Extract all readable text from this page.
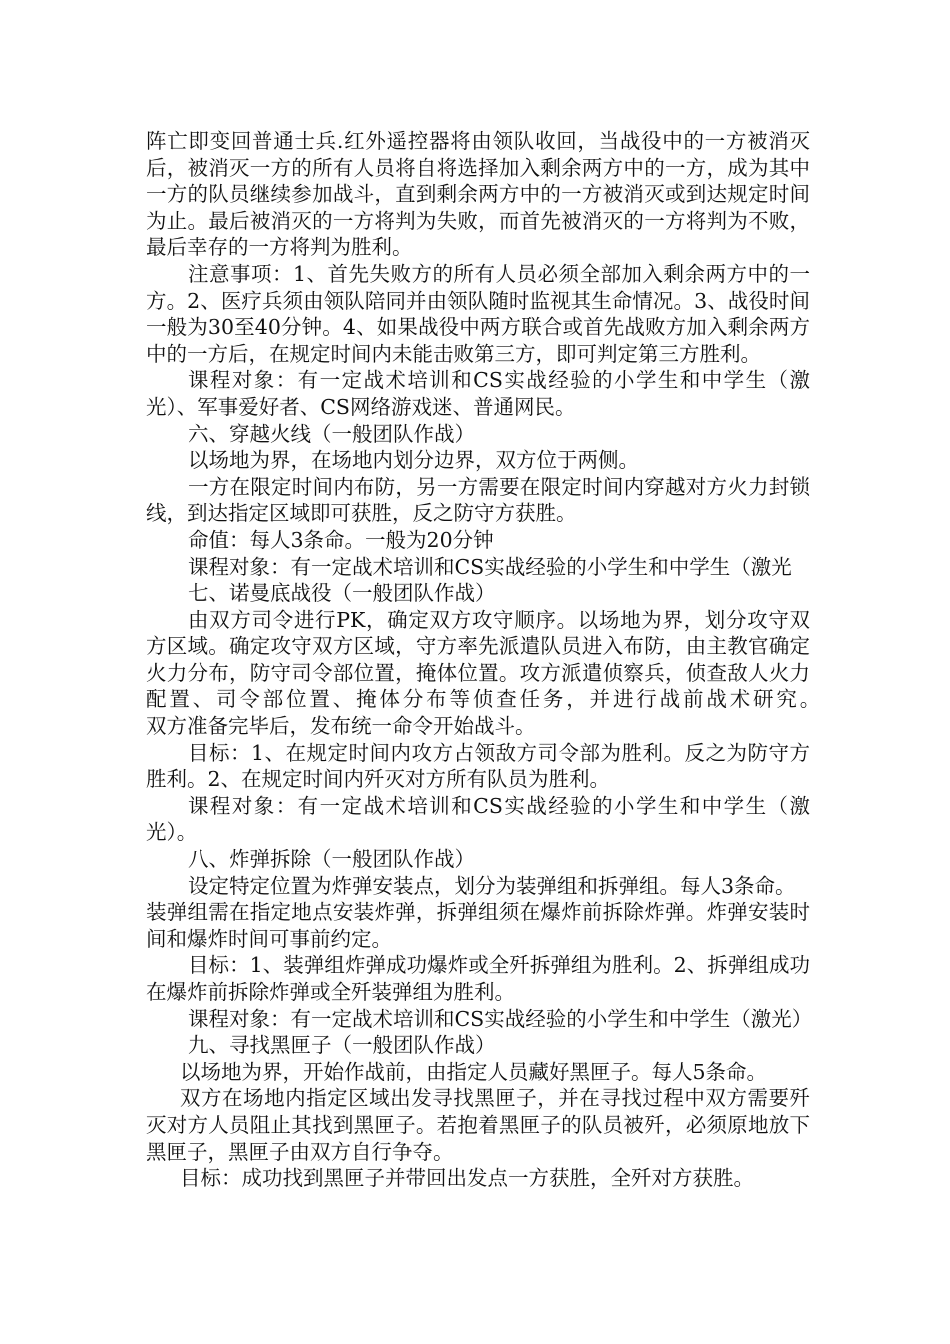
阵亡即变回普通士兵.红外遥控器将由领队收回，当战役中的一方被消灭后，被消灭一方的所有人员将自将选择加入剩余两方中的一方，成为其中一方的队员继续参加战斗，直到剩余两方中的一方被消灭或到达规定时间为止。最后被消灭的一方将判为失败，而首先被消灭的一方将判为不败，最后幸存的一方将判为胜利。

注意事项：1、首先失败方的所有人员必须全部加入剩余两方中的一方。2、医疗兵须由领队陪同并由领队随时监视其生命情况。3、战役时间一般为30至40分钟。4、如果战役中两方联合或首先战败方加入剩余两方中的一方后，在规定时间内未能击败第三方，即可判定第三方胜利。

课程对象：有一定战术培训和CS实战经验的小学生和中学生（激光）、军事爱好者、CS网络游戏迷、普通网民。

六、穿越火线（一般团队作战）

以场地为界，在场地内划分边界，双方位于两侧。

一方在限定时间内布防，另一方需要在限定时间内穿越对方火力封锁线，到达指定区域即可获胜，反之防守方获胜。

命值：每人3条命。一般为20分钟

课程对象：有一定战术培训和CS实战经验的小学生和中学生（激光

七、诺曼底战役（一般团队作战）

由双方司令进行PK，确定双方攻守顺序。以场地为界，划分攻守双方区域。确定攻守双方区域，守方率先派遣队员进入布防，由主教官确定火力分布，防守司令部位置，掩体位置。攻方派遣侦察兵，侦查敌人火力配置、司令部位置、掩体分布等侦查任务，并进行战前战术研究。　　　双方准备完毕后，发布统一命令开始战斗。

目标：1、在规定时间内攻方占领敌方司令部为胜利。反之为防守方胜利。2、在规定时间内歼灭对方所有队员为胜利。

课程对象：有一定战术培训和CS实战经验的小学生和中学生（激光）。

八、炸弹拆除（一般团队作战）

设定特定位置为炸弹安装点，划分为装弹组和拆弹组。每人3条命。

装弹组需在指定地点安装炸弹，拆弹组须在爆炸前拆除炸弹。炸弹安装时间和爆炸时间可事前约定。

目标：1、装弹组炸弹成功爆炸或全歼拆弹组为胜利。2、拆弹组成功在爆炸前拆除炸弹或全歼装弹组为胜利。

课程对象：有一定战术培训和CS实战经验的小学生和中学生（激光）

九、寻找黑匣子（一般团队作战）

以场地为界，开始作战前，由指定人员藏好黑匣子。每人5条命。

双方在场地内指定区域出发寻找黑匣子，并在寻找过程中双方需要歼灭对方人员阻止其找到黑匣子。若抱着黑匣子的队员被歼，必须原地放下黑匣子，黑匣子由双方自行争夺。

目标：成功找到黑匣子并带回出发点一方获胜，全歼对方获胜。
